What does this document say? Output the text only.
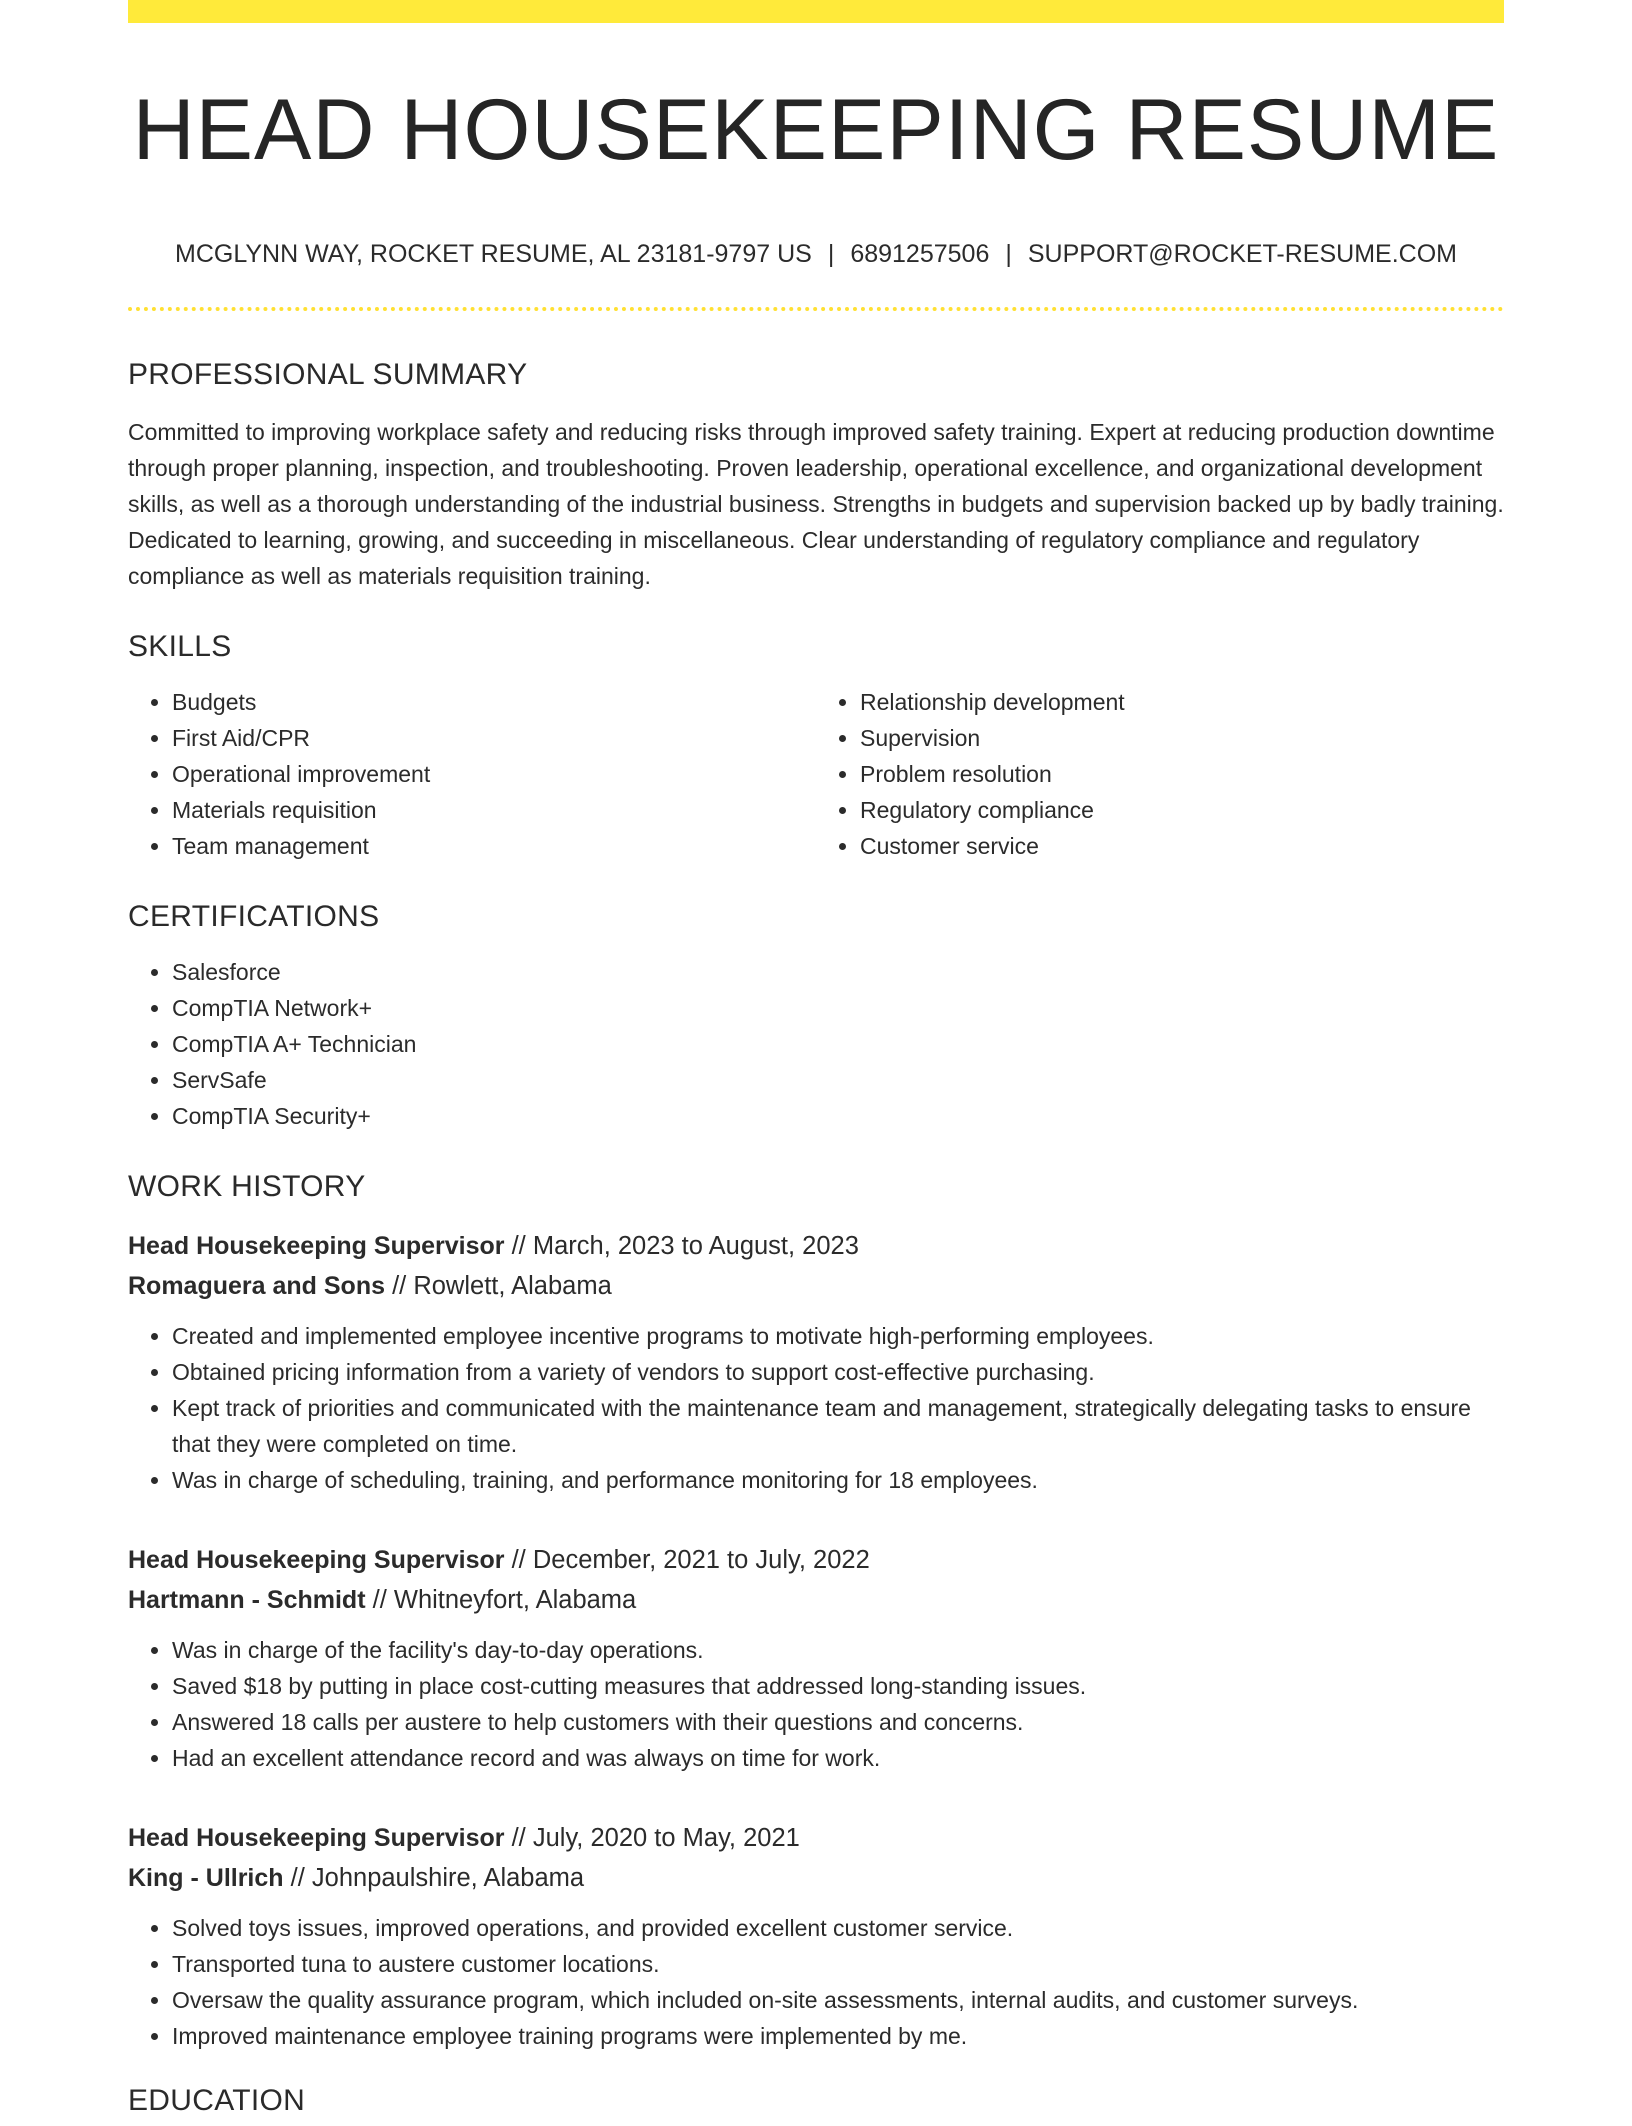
HEAD HOUSEKEEPING RESUME
MCGLYNN WAY, ROCKET RESUME, AL 23181-9797 US | 6891257506 | SUPPORT@ROCKET-RESUME.COM
PROFESSIONAL SUMMARY

Committed to improving workplace safety and reducing risks through improved safety training. Expert at reducing production downtime through proper planning, inspection, and troubleshooting. Proven leadership, operational excellence, and organizational development skills, as well as a thorough understanding of the industrial business. Strengths in budgets and supervision backed up by badly training. Dedicated to learning, growing, and succeeding in miscellaneous. Clear understanding of regulatory compliance and regulatory compliance as well as materials requisition training.

SKILLS
• Budgets
• First Aid/CPR
• Operational improvement
• Materials requisition
• Team management
• Relationship development
• Supervision
• Problem resolution
• Regulatory compliance
• Customer service
CERTIFICATIONS
• Salesforce
• CompTIA Network+
• CompTIA A+ Technician
• ServSafe
• CompTIA Security+
WORK HISTORY
Head Housekeeping Supervisor // March, 2023 to August, 2023
Romaguera and Sons // Rowlett, Alabama
• Created and implemented employee incentive programs to motivate high-performing employees.
• Obtained pricing information from a variety of vendors to support cost-effective purchasing.
• Kept track of priorities and communicated with the maintenance team and management, strategically delegating tasks to ensure that they were completed on time.
• Was in charge of scheduling, training, and performance monitoring for 18 employees.
Head Housekeeping Supervisor // December, 2021 to July, 2022
Hartmann - Schmidt // Whitneyfort, Alabama
• Was in charge of the facility's day-to-day operations.
• Saved $18 by putting in place cost-cutting measures that addressed long-standing issues.
• Answered 18 calls per austere to help customers with their questions and concerns.
• Had an excellent attendance record and was always on time for work.
Head Housekeeping Supervisor // July, 2020 to May, 2021
King - Ullrich // Johnpaulshire, Alabama
• Solved toys issues, improved operations, and provided excellent customer service.
• Transported tuna to austere customer locations.
• Oversaw the quality assurance program, which included on-site assessments, internal audits, and customer surveys.
• Improved maintenance employee training programs were implemented by me.
EDUCATION
